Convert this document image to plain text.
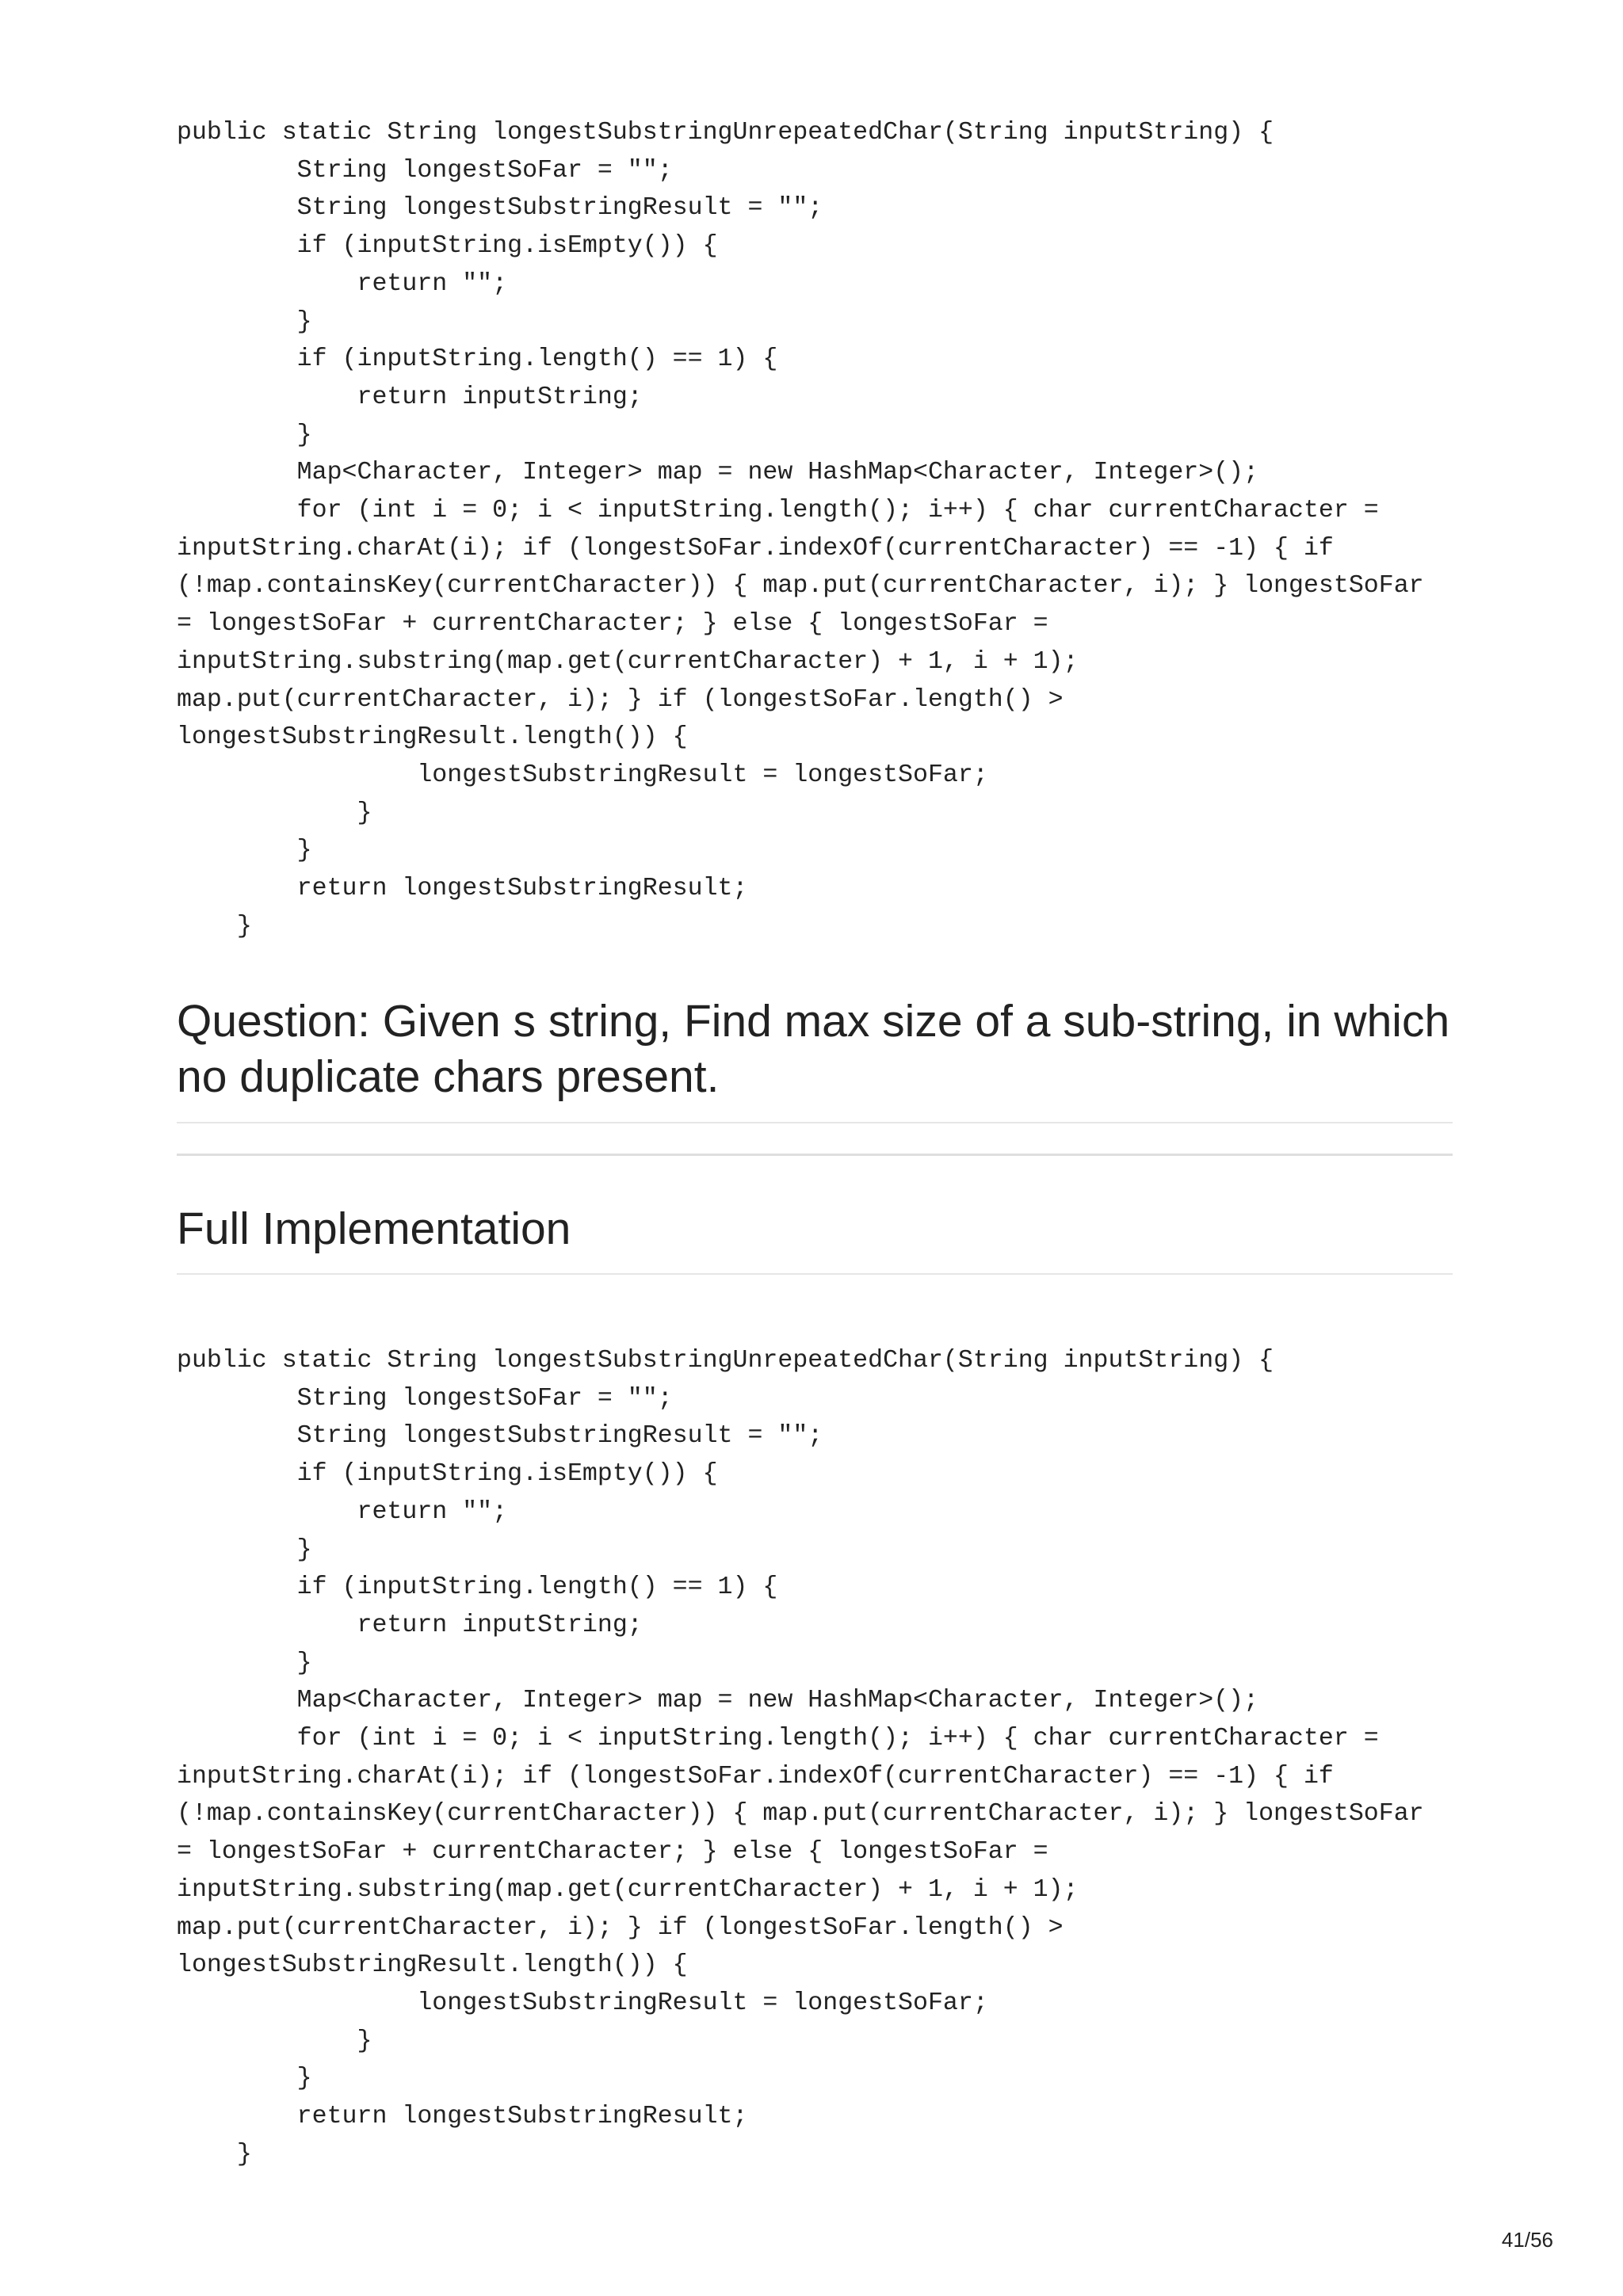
public static String longestSubstringUnrepeatedChar(String inputString) {
String longestSoFar = "";
String longestSubstringResult = "";
if (inputString.isEmpty()) {
return "";
}
if (inputString.length() == 1) {
return inputString;
}
Map<Character, Integer> map = new HashMap<Character, Integer>();
for (int i = 0; i < inputString.length(); i++) { char currentCharacter =
inputString.charAt(i); if (longestSoFar.indexOf(currentCharacter) == -1) { if
(!map.containsKey(currentCharacter)) { map.put(currentCharacter, i); } longestSoFar
= longestSoFar + currentCharacter; } else { longestSoFar =
inputString.substring(map.get(currentCharacter) + 1, i + 1);
map.put(currentCharacter, i); } if (longestSoFar.length() >
longestSubstringResult.length()) {
longestSubstringResult = longestSoFar;
}
}
return longestSubstringResult;
}
Question: Given s string, Find max size of a sub-string, in which no duplicate chars present.
Full Implementation
public static String longestSubstringUnrepeatedChar(String inputString) {
String longestSoFar = "";
String longestSubstringResult = "";
if (inputString.isEmpty()) {
return "";
}
if (inputString.length() == 1) {
return inputString;
}
Map<Character, Integer> map = new HashMap<Character, Integer>();
for (int i = 0; i < inputString.length(); i++) { char currentCharacter =
inputString.charAt(i); if (longestSoFar.indexOf(currentCharacter) == -1) { if
(!map.containsKey(currentCharacter)) { map.put(currentCharacter, i); } longestSoFar
= longestSoFar + currentCharacter; } else { longestSoFar =
inputString.substring(map.get(currentCharacter) + 1, i + 1);
map.put(currentCharacter, i); } if (longestSoFar.length() >
longestSubstringResult.length()) {
longestSubstringResult = longestSoFar;
}
}
return longestSubstringResult;
}
41/56
